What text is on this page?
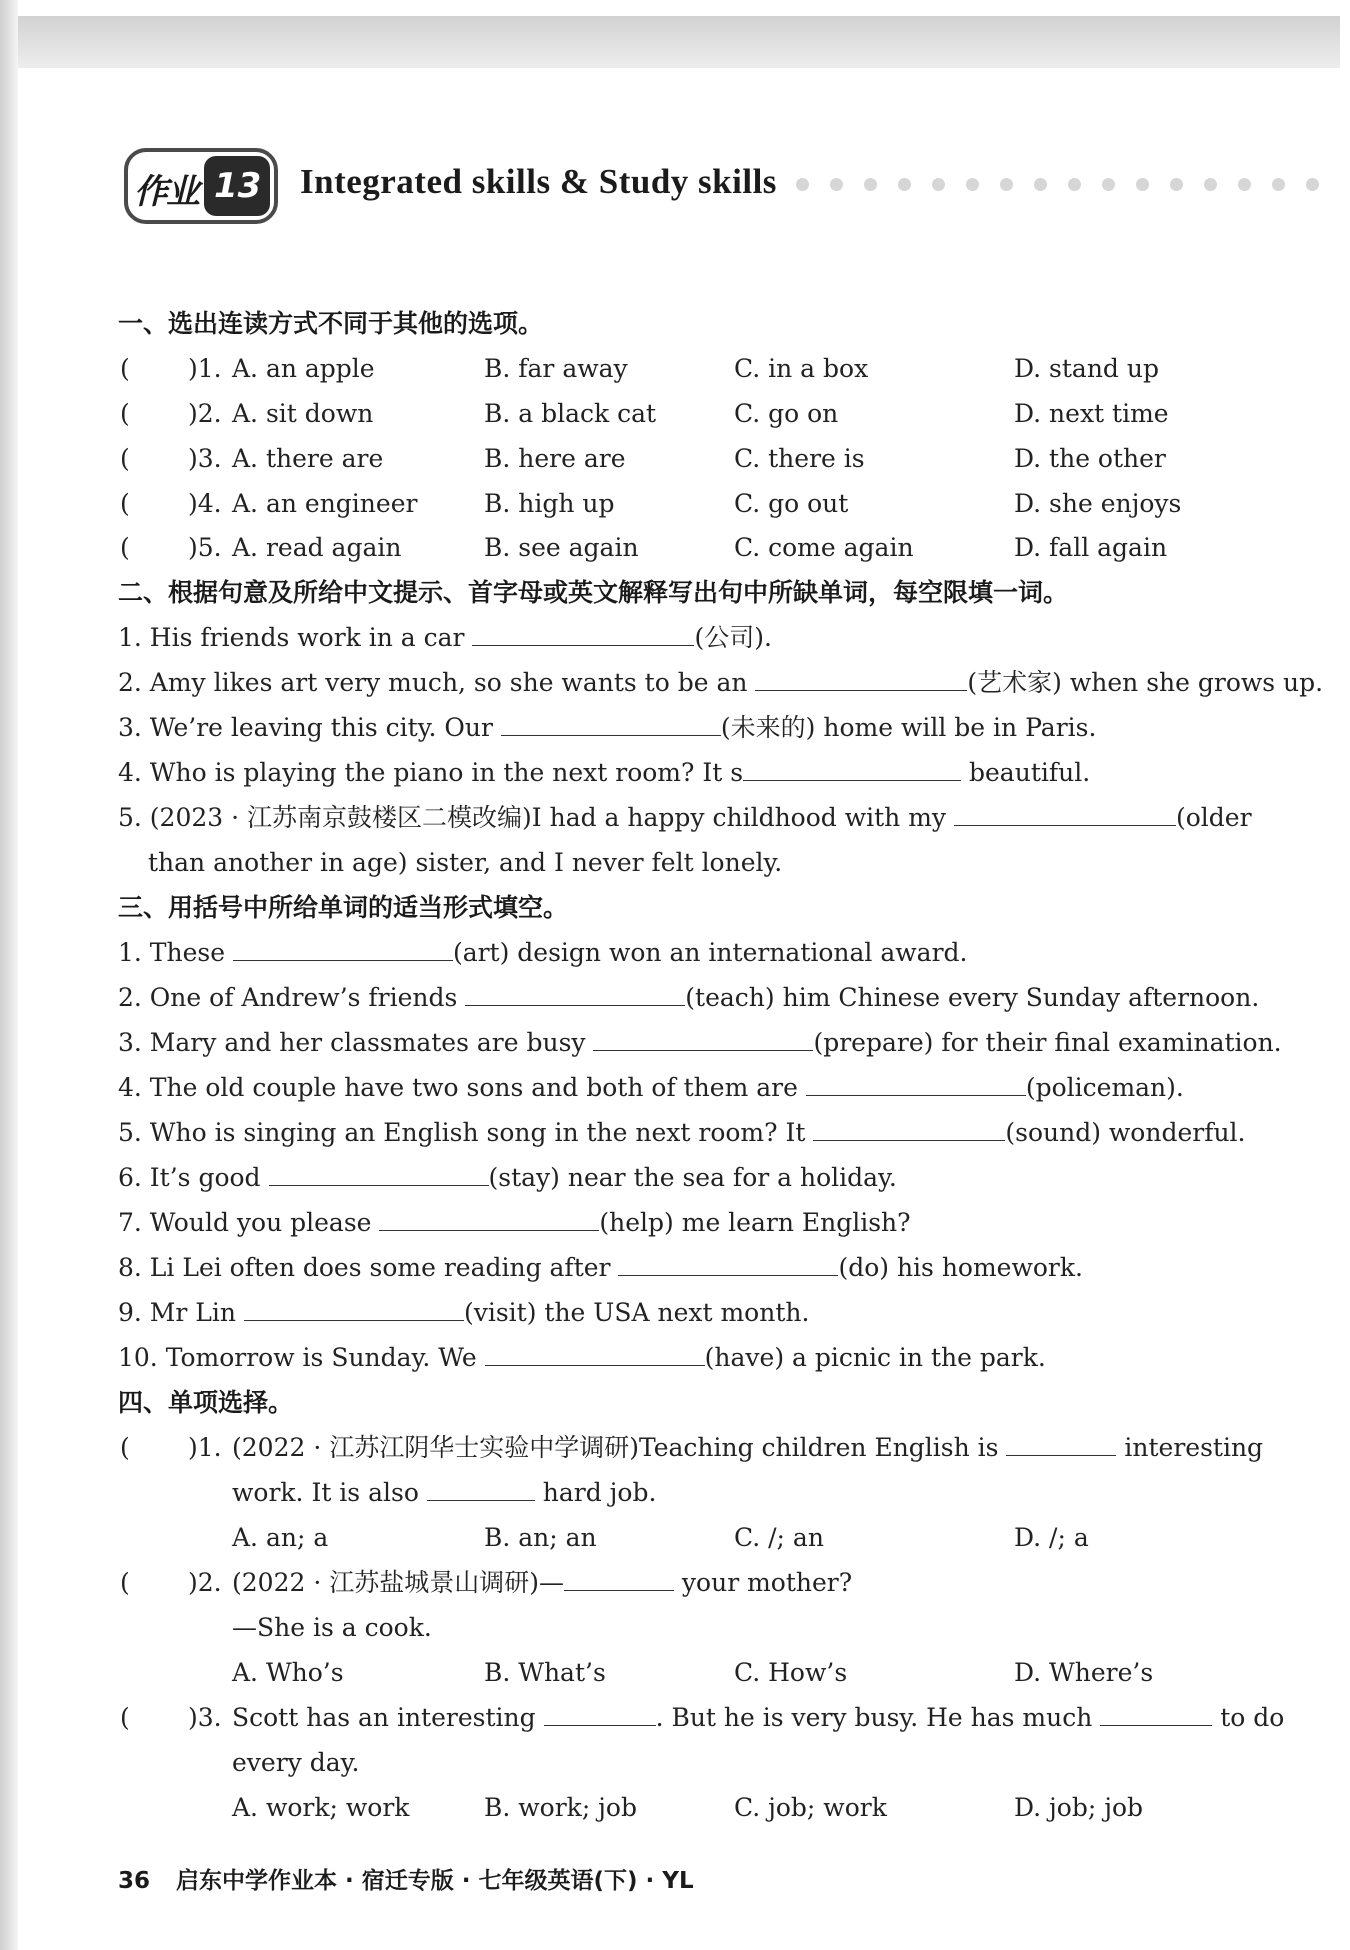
作业 13 Integrated skills & Study skills
一、选出连读方式不同于其他的选项。
( )1. A. an apple	B. far away	C. in a box	D. stand up
( )2. A. sit down	B. a black cat	C. go on	D. next time
( )3. A. there are	B. here are	C. there is	D. the other
( )4. A. an engineer	B. high up	C. go out	D. she enjoys
( )5. A. read again	B. see again	C. come again	D. fall again
二、根据句意及所给中文提示、首字母或英文解释写出句中所缺单词，每空限填一词。
1. His friends work in a car	(公司).
2. Amy likes art very much, so she wants to be an	(艺术家) when she grows up.
3. We’re leaving this city. Our	(未来的) home will be in Paris.
4. Who is playing the piano in the next room? It s	beautiful.
5. (2023 · 江苏南京鼓楼区二模改编)I had a happy childhood with my	(older
than another in age) sister, and I never felt lonely.
三、用括号中所给单词的适当形式填空。
1. These	(art) design won an international award.
2. One of Andrew’s friends	(teach) him Chinese every Sunday afternoon.
3. Mary and her classmates are busy	(prepare) for their final examination.
4. The old couple have two sons and both of them are	(policeman).
5. Who is singing an English song in the next room? It	(sound) wonderful.
6. It’s good	(stay) near the sea for a holiday.
7. Would you please	(help) me learn English?
8. Li Lei often does some reading after	(do) his homework.
9. Mr Lin	(visit) the USA next month.
10. Tomorrow is Sunday. We	(have) a picnic in the park.
四、单项选择。
( )1. (2022 · 江苏江阴华士实验中学调研)Teaching children English is	interesting
work. It is also	hard job.
A. an; a	B. an; an	C. /; an	D. /; a
( )2. (2022 · 江苏盐城景山调研)—	your mother?
—She is a cook.
A. Who’s	B. What’s	C. How’s	D. Where’s
( )3. Scott has an interesting	. But he is very busy. He has much	to do
every day.
A. work; work	B. work; job	C. job; work	D. job; job
36 启东中学作业本 · 宿迁专版 · 七年级英语(下) · YL
